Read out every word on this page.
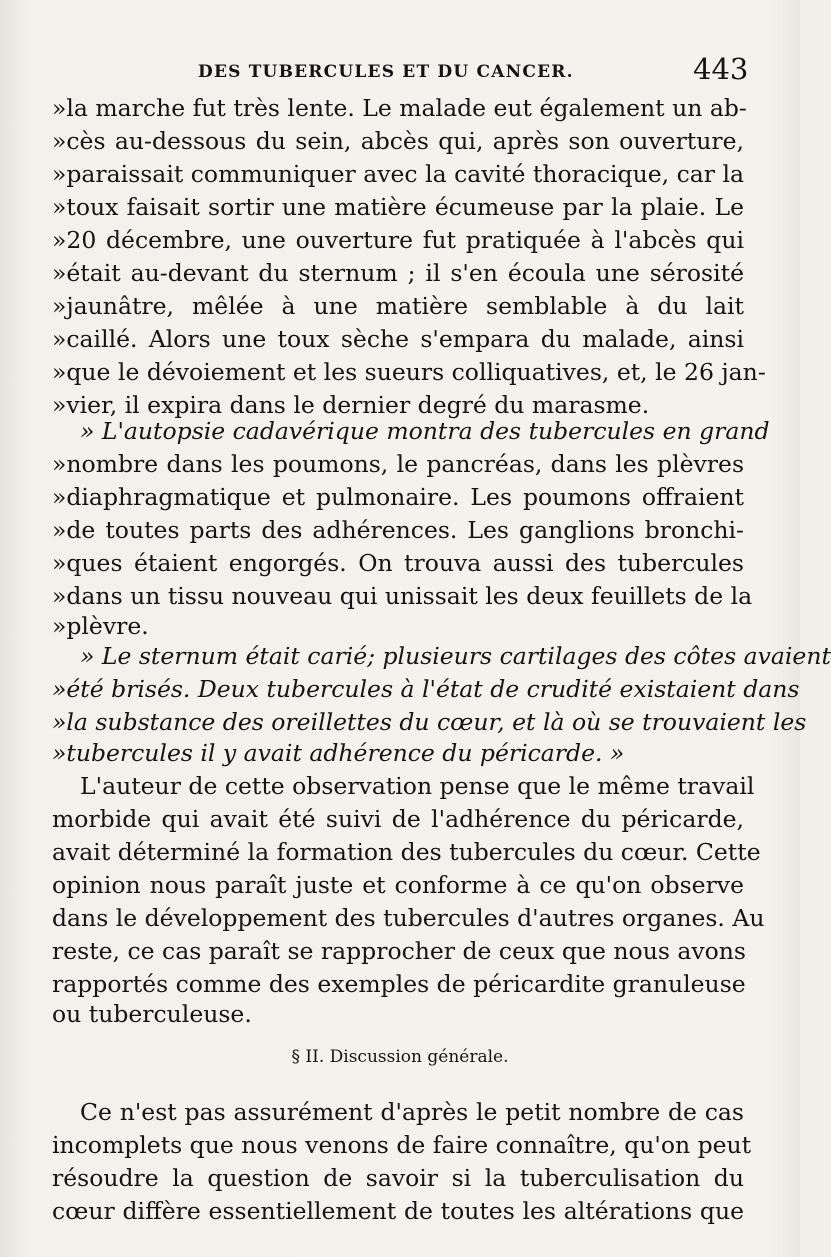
DES TUBERCULES ET DU CANCER.	443
»la marche fut très lente. Le malade eut également un ab-
»cès au-dessous du sein, abcès qui, après son ouverture,
»paraissait communiquer avec la cavité thoracique, car la
»toux faisait sortir une matière écumeuse par la plaie. Le
»20 décembre, une ouverture fut pratiquée à l'abcès qui
»était au-devant du sternum ; il s'en écoula une sérosité
»jaunâtre, mêlée à une matière semblable à du lait
»caillé. Alors une toux sèche s'empara du malade, ainsi
»que le dévoiement et les sueurs colliquatives, et, le 26 jan-
»vier, il expira dans le dernier degré du marasme.
» L'autopsie cadavérique montra des tubercules en grand
»nombre dans les poumons, le pancréas, dans les plèvres
»diaphragmatique et pulmonaire. Les poumons offraient
»de toutes parts des adhérences. Les ganglions bronchi-
»ques étaient engorgés. On trouva aussi des tubercules
»dans un tissu nouveau qui unissait les deux feuillets de la
»plèvre.
» Le sternum était carié; plusieurs cartilages des côtes avaient
»été brisés. Deux tubercules à l'état de crudité existaient dans
»la substance des oreillettes du cœur, et là où se trouvaient les
»tubercules il y avait adhérence du péricarde. »
L'auteur de cette observation pense que le même travail
morbide qui avait été suivi de l'adhérence du péricarde,
avait déterminé la formation des tubercules du cœur. Cette
opinion nous paraît juste et conforme à ce qu'on observe
dans le développement des tubercules d'autres organes. Au
reste, ce cas paraît se rapprocher de ceux que nous avons
rapportés comme des exemples de péricardite granuleuse
ou tuberculeuse.
§ II. Discussion générale.
Ce n'est pas assurément d'après le petit nombre de cas
incomplets que nous venons de faire connaître, qu'on peut
résoudre la question de savoir si la tuberculisation du
cœur diffère essentiellement de toutes les altérations que
